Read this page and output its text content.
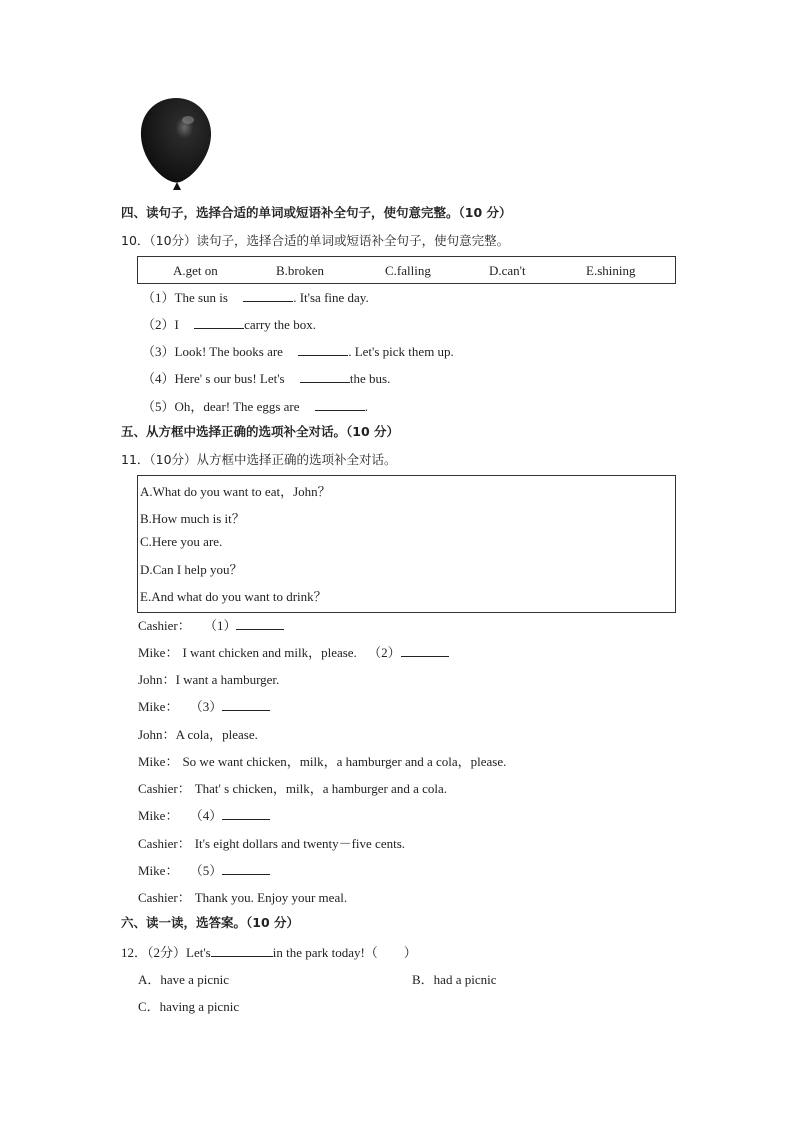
四、读句子，选择合适的单词或短语补全句子，使句意完整。（10 分）
10．（10分）读句子，选择合适的单词或短语补全句子，使句意完整。
A.get on	B.broken	C.falling	D.can't	E.shining
（1）The sun is	. It'sa fine day.
（2）I	carry the box.
（3）Look! The books are	. Let's pick them up.
（4）Here' s our bus! Let's	the bus.
（5）Oh，dear! The eggs are	.
五、从方框中选择正确的选项补全对话。（10 分）
11．（10分）从方框中选择正确的选项补全对话。
A.What do you want to eat，John？
B.How much is it？
C.Here you are.
D.Can I help you？
E.And what do you want to drink？
Cashier： （1）
Mike： I want chicken and milk，please. （2）
John：I want a hamburger.
Mike： （3）
John：A cola，please.
Mike： So we want chicken，milk，a hamburger and a cola，please.
Cashier： That' s chicken，milk，a hamburger and a cola.
Mike： （4）
Cashier： It's eight dollars and twenty－five cents.
Mike： （5）
Cashier： Thank you. Enjoy your meal.
六、读一读，选答案。（10 分）
12．（2分）Let's	in the park today!（　　）
A．have a picnic	B．had a picnic
C．having a picnic
